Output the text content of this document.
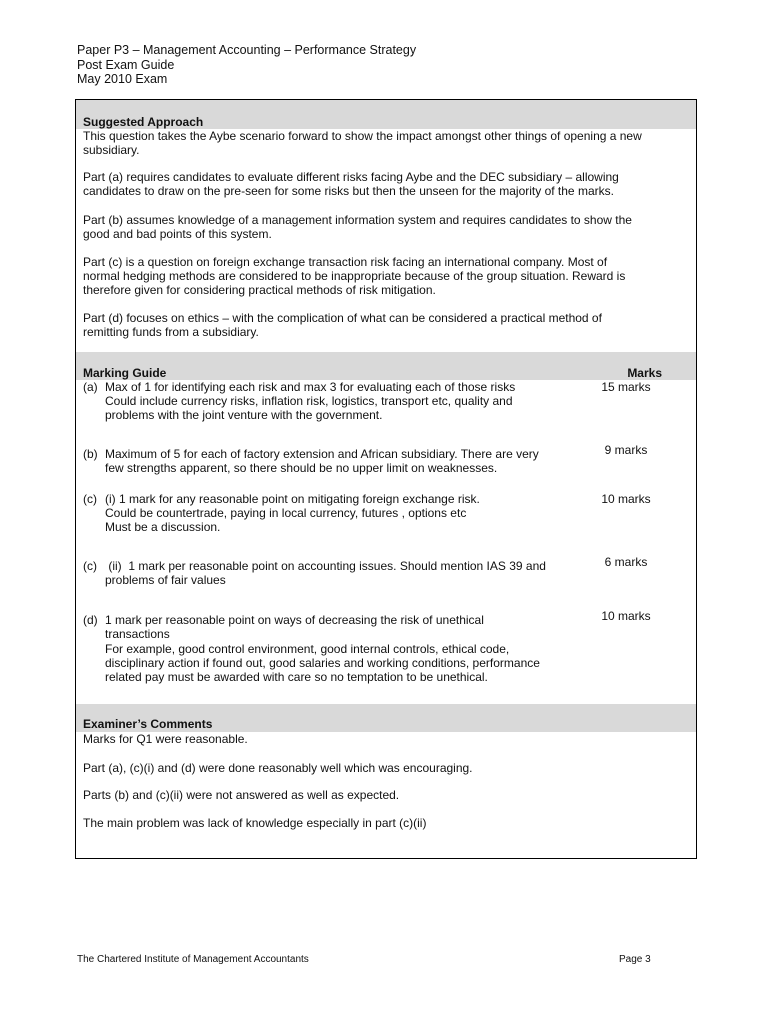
Paper P3 – Management Accounting – Performance Strategy
Post Exam Guide
May 2010 Exam
Suggested Approach
This question takes the Aybe scenario forward to show the impact amongst other things of opening a new
subsidiary.
Part (a) requires candidates to evaluate different risks facing Aybe and the DEC subsidiary – allowing
candidates to draw on the pre-seen for some risks but then the unseen for the majority of the marks.
Part (b) assumes knowledge of a management information system and requires candidates to show the
good and bad points of this system.
Part (c) is a question on foreign exchange transaction risk facing an international company. Most of
normal hedging methods are considered to be inappropriate because of the group situation. Reward is
therefore given for considering practical methods of risk mitigation.
Part (d) focuses on ethics – with the complication of what can be considered a practical method of
remitting funds from a subsidiary.
Marking Guide	Marks
(a) Max of 1 for identifying each risk and max 3 for evaluating each of those risks
Could include currency risks, inflation risk, logistics, transport etc, quality and
problems with the joint venture with the government.
15 marks
(b) Maximum of 5 for each of factory extension and African subsidiary. There are very
few strengths apparent, so there should be no upper limit on weaknesses.
9 marks
(c) (i) 1 mark for any reasonable point on mitigating foreign exchange risk.
Could be countertrade, paying in local currency, futures , options etc
Must be a discussion.
10 marks
(c) (ii)  1 mark per reasonable point on accounting issues. Should mention IAS 39 and
problems of fair values
6 marks
(d) 1 mark per reasonable point on ways of decreasing the risk of unethical
transactions
For example, good control environment, good internal controls, ethical code,
disciplinary action if found out, good salaries and working conditions, performance
related pay must be awarded with care so no temptation to be unethical.
10 marks
Examiner’s Comments
Marks for Q1 were reasonable.
Part (a), (c)(i) and (d) were done reasonably well which was encouraging.
Parts (b) and (c)(ii) were not answered as well as expected.
The main problem was lack of knowledge especially in part (c)(ii)
The Chartered Institute of Management Accountants	Page 3
